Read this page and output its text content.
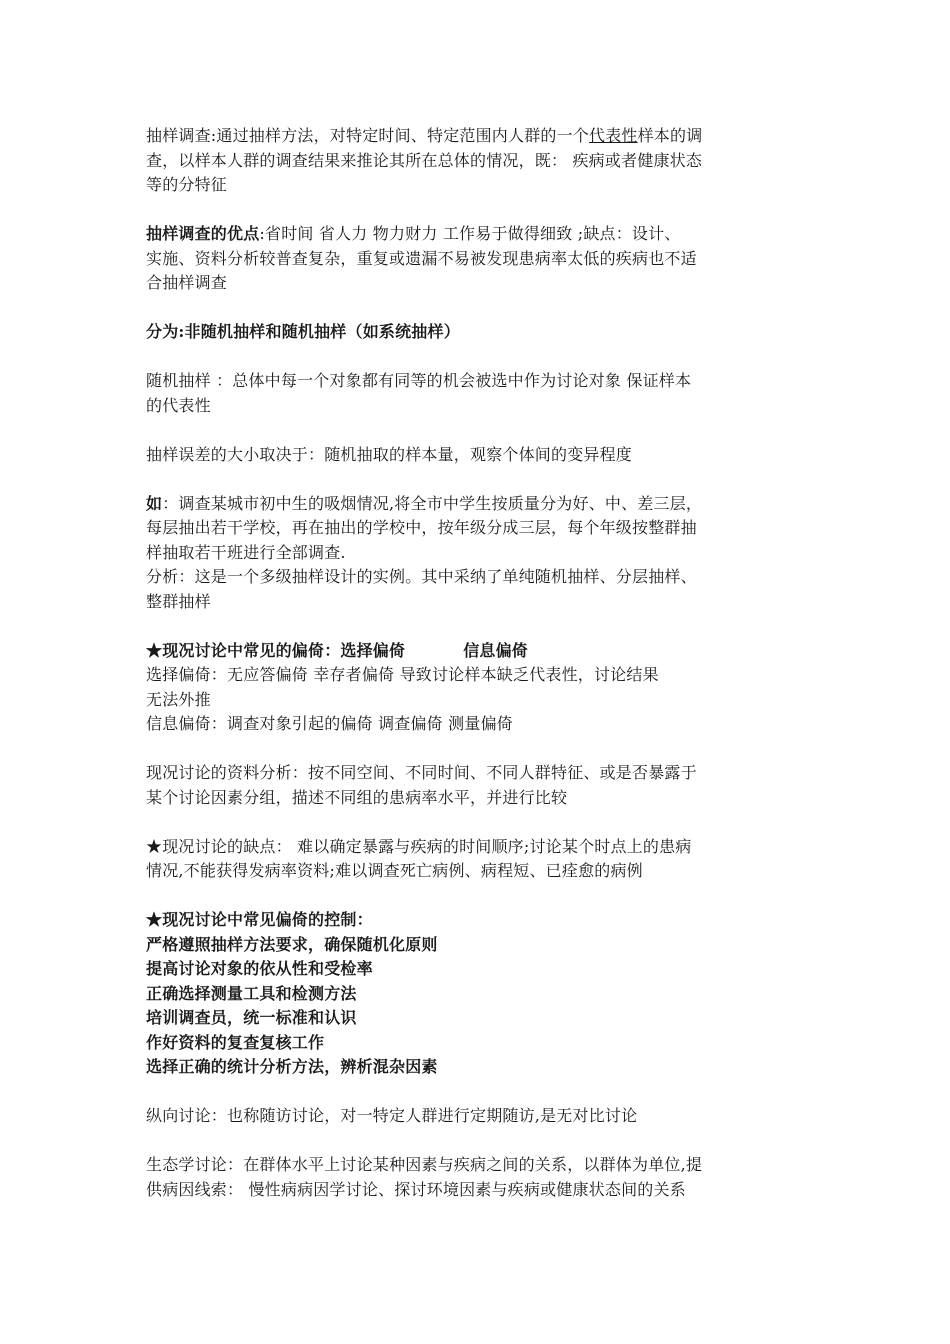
抽样调查:通过抽样方法，对特定时间、特定范围内人群的一个代表性样本的调
查，以样本人群的调查结果来推论其所在总体的情况，既： 疾病或者健康状态
等的分特征
抽样调查的优点:省时间 省人力 物力财力 工作易于做得细致 ;缺点：设计、
实施、资料分析较普查复杂，重复或遗漏不易被发现患病率太低的疾病也不适
合抽样调查
分为:非随机抽样和随机抽样（如系统抽样）
随机抽样 ：总体中每一个对象都有同等的机会被选中作为讨论对象 保证样本
的代表性
抽样误差的大小取决于：随机抽取的样本量，观察个体间的变异程度
如：调查某城市初中生的吸烟情况,将全市中学生按质量分为好、中、差三层，
每层抽出若干学校，再在抽出的学校中，按年级分成三层，每个年级按整群抽
样抽取若干班进行全部调查.
分析：这是一个多级抽样设计的实例。其中采纳了单纯随机抽样、分层抽样、
整群抽样
★现况讨论中常见的偏倚：选择偏倚	信息偏倚
选择偏倚：无应答偏倚 幸存者偏倚 导致讨论样本缺乏代表性，讨论结果
无法外推
信息偏倚：调查对象引起的偏倚 调查偏倚 测量偏倚
现况讨论的资料分析：按不同空间、不同时间、不同人群特征、或是否暴露于
某个讨论因素分组，描述不同组的患病率水平，并进行比较
★现况讨论的缺点： 难以确定暴露与疾病的时间顺序;讨论某个时点上的患病
情况,不能获得发病率资料;难以调查死亡病例、病程短、已痊愈的病例
★现况讨论中常见偏倚的控制：
严格遵照抽样方法要求，确保随机化原则
提高讨论对象的依从性和受检率
正确选择测量工具和检测方法
培训调查员，统一标准和认识
作好资料的复查复核工作
选择正确的统计分析方法，辨析混杂因素
纵向讨论：也称随访讨论，对一特定人群进行定期随访,是无对比讨论
生态学讨论：在群体水平上讨论某种因素与疾病之间的关系，以群体为单位,提
供病因线索： 慢性病病因学讨论、探讨环境因素与疾病或健康状态间的关系
